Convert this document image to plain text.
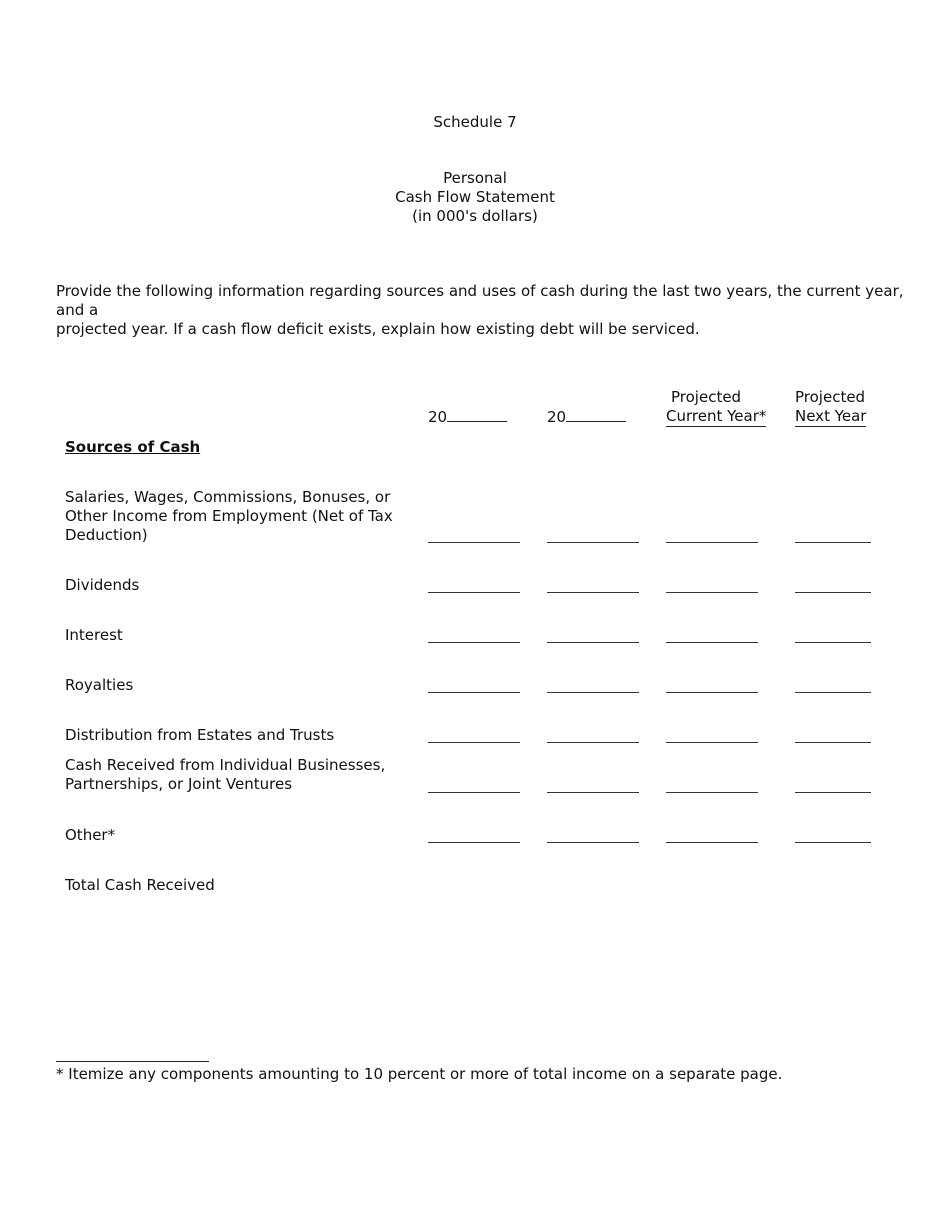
Schedule 7
Personal
Cash Flow Statement
(in 000's dollars)
Provide the following information regarding sources and uses of cash during the last two years, the current year, and a
projected year. If a cash flow deficit exists, explain how existing debt will be serviced.
20	20
Projected
Current Year*
Projected
Next Year
Sources of Cash
Salaries, Wages, Commissions, Bonuses, or
Other Income from Employment (Net of Tax
Deduction)
Dividends
Interest
Royalties
Distribution from Estates and Trusts
Cash Received from Individual Businesses,
Partnerships, or Joint Ventures
Other*
Total Cash Received
* Itemize any components amounting to 10 percent or more of total income on a separate page.
